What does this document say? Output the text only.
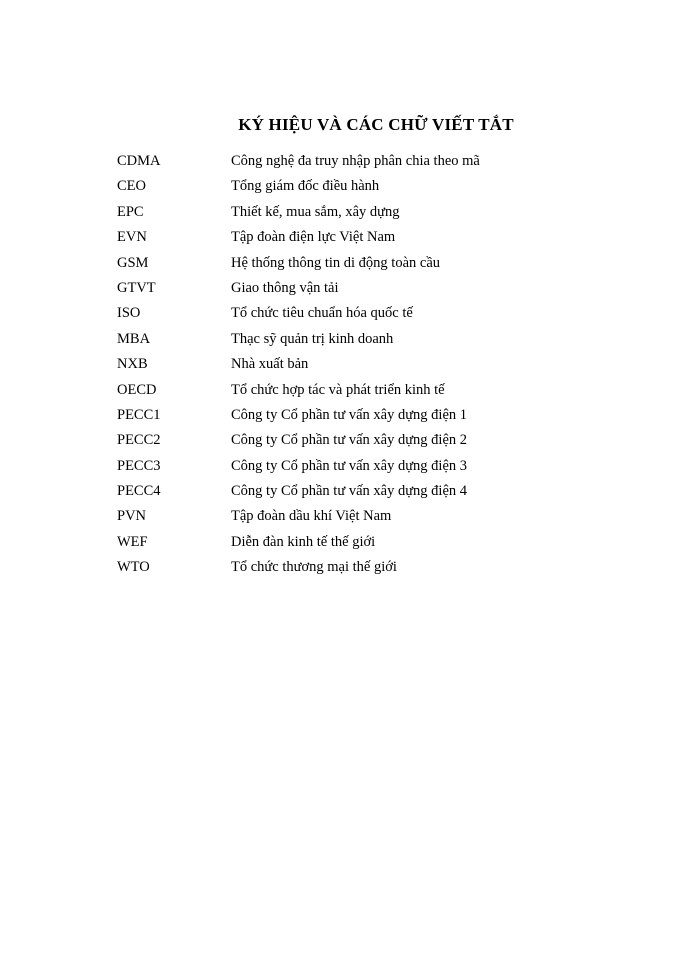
KÝ HIỆU VÀ CÁC CHỮ VIẾT TẮT
CDMA	Công nghệ đa truy nhập phân chia theo mã
CEO	Tổng giám đốc điều hành
EPC	Thiết kế, mua sắm, xây dựng
EVN	Tập đoàn điện lực Việt Nam
GSM	Hệ thống thông tin di động toàn cầu
GTVT	Giao thông vận tải
ISO	Tổ chức tiêu chuẩn hóa quốc tế
MBA	Thạc sỹ quản trị kinh doanh
NXB	Nhà xuất bản
OECD	Tổ chức hợp tác và phát triển kinh tế
PECC1	Công ty Cổ phần tư vấn xây dựng điện 1
PECC2	Công ty Cổ phần tư vấn xây dựng điện 2
PECC3	Công ty Cổ phần tư vấn xây dựng điện 3
PECC4	Công ty Cổ phần tư vấn xây dựng điện 4
PVN	Tập đoàn dầu khí Việt Nam
WEF	Diễn đàn kinh tế thế giới
WTO	Tổ chức thương mại thế giới
